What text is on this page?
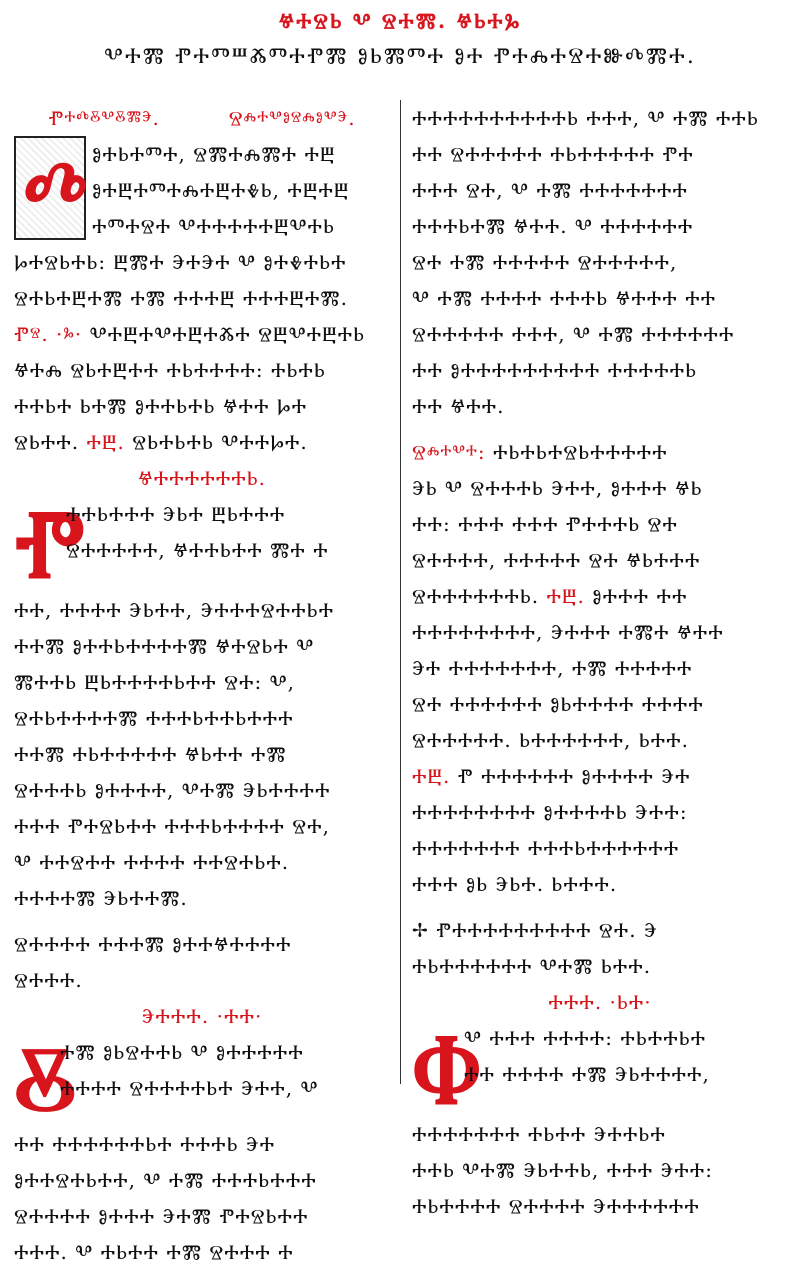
ⰝⰀⰔⰓ Ⰲ ⰔⰀⰏ. ⰝⰓⰀⰃ
ⰂⰀⰏ ⰒⰀⰕⰞⰆⰕⰀⰒⰏ ⰑⰓⰏⰕⰀ ⰑⰀ ⰒⰀⰎⰀⰔⰀⰖⰄⰏⰀ.
Ⱂⰰⰴⰻⰲⰻⰿⰵ.	Ⱄⰾⰰⰲⱁⱄⰾⱁⰲⰵ.
Ⰴ ⰑⰀⰓⰀⰕⰀ, ⰔⰏⰀⰎⰏⰀ ⰀⰁ
ⰑⰀⰁⰀⰕⰀⰎⰀⰁⰀⰇⰓ, ⰀⰁⰀⰁ
ⰀⰕⰀⰔⰀ ⰂⰀⰀⰀⰀⰀⰁⰂⰀⰓ
ⰘⰀⰔⰓⰀⰓ: ⰁⰏⰀ ⰅⰀⰅⰀ Ⰲ ⰑⰀⰇⰀⰓⰀ
ⰔⰀⰓⰀⰁⰀⰏ ⰀⰏ ⰀⰀⰀⰁ ⰀⰀⰀⰁⰀⰏ.
Ⱂⱄ. ·ⰳ· ⰂⰀⰁⰀⰂⰀⰁⰀⰆⰀ ⰔⰁⰂⰀⰁⰀⰓ
ⰝⰀⰎ ⰔⰓⰀⰁⰀⰀ ⰀⰓⰀⰀⰀⰀ: ⰀⰓⰀⰓ
ⰀⰀⰓⰀ ⰓⰀⰏ ⰑⰀⰀⰓⰀⰓ ⰝⰀⰀ ⰘⰀ
ⰔⰓⰀⰀ. ⰀⰁ. ⰔⰓⰀⰓⰀⰓ ⰂⰀⰀⰘⰀ.
ⰝⰀⰀⰀⰀⰀⰀⰓ.
Ⱂ
ⰀⰀⰓⰀⰀⰀ ⰅⰓⰀ ⰁⰓⰀⰀⰀ
ⰔⰀⰀⰀⰀⰀ, ⰝⰀⰀⰓⰀⰀ ⰏⰀ Ⰰ
ⰀⰀ, ⰀⰀⰀⰀ ⰅⰓⰀⰀ, ⰅⰀⰀⰀⰔⰀⰀⰓⰀ
ⰀⰀⰏ ⰑⰀⰀⰓⰀⰀⰀⰀⰏ ⰝⰀⰔⰓⰀ Ⰲ
ⰏⰀⰀⰓ ⰁⰓⰀⰀⰀⰀⰓⰀⰀ ⰔⰀ: Ⰲ,
ⰔⰀⰓⰀⰀⰀⰀⰏ ⰀⰀⰀⰓⰀⰀⰓⰀⰀⰀ
ⰀⰀⰏ ⰀⰓⰀⰀⰀⰀⰀ ⰝⰓⰀⰀ ⰀⰏ
ⰔⰀⰀⰀⰓ ⰑⰀⰀⰀⰀ, ⰂⰀⰏ ⰅⰓⰀⰀⰀⰀ
ⰀⰀⰀ ⰒⰀⰔⰓⰀⰀ ⰀⰀⰀⰓⰀⰀⰀⰀ ⰔⰀ,
Ⰲ ⰀⰀⰔⰀⰀ ⰀⰀⰀⰀ ⰀⰀⰔⰀⰓⰀ.
ⰀⰀⰀⰀⰏ ⰅⰓⰀⰀⰏ.
ⰔⰀⰀⰀⰀ ⰀⰀⰀⰏ ⰑⰀⰀⰝⰀⰀⰀⰀ
ⰔⰀⰀⰀ.
ⰅⰀⰀⰀ. ·ⰀⰀ·
Ⰻ
ⰀⰏ ⰑⰓⰔⰀⰀⰓ Ⰲ ⰑⰀⰀⰀⰀⰀ
ⰀⰀⰀⰀ ⰔⰀⰀⰀⰀⰓⰀ ⰅⰀⰀ, Ⰲ
ⰀⰀ ⰀⰀⰀⰀⰀⰀⰓⰀ ⰀⰀⰀⰓ ⰅⰀ
ⰑⰀⰀⰔⰀⰓⰀⰀ, Ⰲ ⰀⰏ ⰀⰀⰀⰓⰀⰀⰀ
ⰔⰀⰀⰀⰀ ⰑⰀⰀⰀ ⰅⰀⰏ ⰒⰀⰔⰓⰀⰀ
ⰀⰀⰀ. Ⰲ ⰀⰓⰀⰀ ⰀⰏ ⰔⰀⰀⰀ Ⰰ
ⰀⰀⰀⰀⰀⰀⰀⰀⰀⰀⰓ ⰀⰀⰀ, Ⰲ ⰀⰏ ⰀⰀⰓ
ⰀⰀ ⰔⰀⰀⰀⰀⰀ ⰀⰓⰀⰀⰀⰀⰀ ⰒⰀ
ⰀⰀⰀ ⰔⰀ, Ⰲ ⰀⰏ ⰀⰀⰀⰀⰀⰀⰀ
ⰀⰀⰀⰓⰀⰏ ⰝⰀⰀ. Ⰲ ⰀⰀⰀⰀⰀⰀ
ⰔⰀ ⰀⰏ ⰀⰀⰀⰀⰀ ⰔⰀⰀⰀⰀⰀ,
Ⰲ ⰀⰏ ⰀⰀⰀⰀ ⰀⰀⰀⰓ ⰝⰀⰀⰀ ⰀⰀ
ⰔⰀⰀⰀⰀⰀ ⰀⰀⰀ, Ⰲ ⰀⰏ ⰀⰀⰀⰀⰀⰀ
ⰀⰀ ⰑⰀⰀⰀⰀⰀⰀⰀⰀⰀ ⰀⰀⰀⰀⰀⰓ
ⰀⰀ ⰝⰀⰀ.
Ⱄⰾⰰⰲⰰ: ⰀⰓⰀⰓⰀⰔⰓⰀⰀⰀⰀⰀ
ⰅⰓ Ⰲ ⰔⰀⰀⰀⰓ ⰅⰀⰀ, ⰑⰀⰀⰀ ⰝⰓ
ⰀⰀ: ⰀⰀⰀ ⰀⰀⰀ ⰒⰀⰀⰀⰓ ⰔⰀ
ⰔⰀⰀⰀⰀ, ⰀⰀⰀⰀⰀ ⰔⰀ ⰝⰓⰀⰀⰀ
ⰔⰀⰀⰀⰀⰀⰀⰓ. ⰀⰁ. ⰑⰀⰀⰀ ⰀⰀ
ⰀⰀⰀⰀⰀⰀⰀⰀ, ⰅⰀⰀⰀ ⰀⰏⰀ ⰝⰀⰀ
ⰅⰀ ⰀⰀⰀⰀⰀⰀⰀ, ⰀⰏ ⰀⰀⰀⰀⰀ
ⰔⰀ ⰀⰀⰀⰀⰀⰀ ⰑⰓⰀⰀⰀⰀ ⰀⰀⰀⰀ
ⰔⰀⰀⰀⰀⰀ. ⰓⰀⰀⰀⰀⰀⰀ, ⰓⰀⰀ.
ⰀⰁ. Ⱂ ⰀⰀⰀⰀⰀⰀ ⰑⰀⰀⰀⰀ ⰅⰀ
ⰀⰀⰀⰀⰀⰀⰀⰀ ⰑⰀⰀⰀⰀⰓ ⰅⰀⰀ:
ⰀⰀⰀⰀⰀⰀⰀ ⰀⰀⰀⰓⰀⰀⰀⰀⰀⰀ
ⰀⰀⰀ ⰑⰓ ⰅⰓⰀ. ⰓⰀⰀⰀ.
✢ ⰒⰀⰀⰀⰀⰀⰀⰀⰀⰀ ⰔⰀ. Ⰵ
ⰀⰓⰀⰀⰀⰀⰀⰀ ⰂⰀⰏ ⰓⰀⰀ.
ⰀⰀⰀ. ·ⰓⰀ·
Ⱇ
Ⰲ ⰀⰀⰀ ⰀⰀⰀⰀ: ⰀⰓⰀⰀⰓⰀ
ⰀⰀ ⰀⰀⰀⰀ ⰀⰏ ⰅⰓⰀⰀⰀⰀ,
ⰀⰀⰀⰀⰀⰀⰀ ⰀⰓⰀⰀ ⰅⰀⰀⰓⰀ
ⰀⰀⰓ ⰂⰀⰏ ⰅⰓⰀⰀⰓ, ⰀⰀⰀ ⰅⰀⰀ:
ⰀⰓⰀⰀⰀⰀ ⰔⰀⰀⰀⰀ ⰅⰀⰀⰀⰀⰀⰀ
